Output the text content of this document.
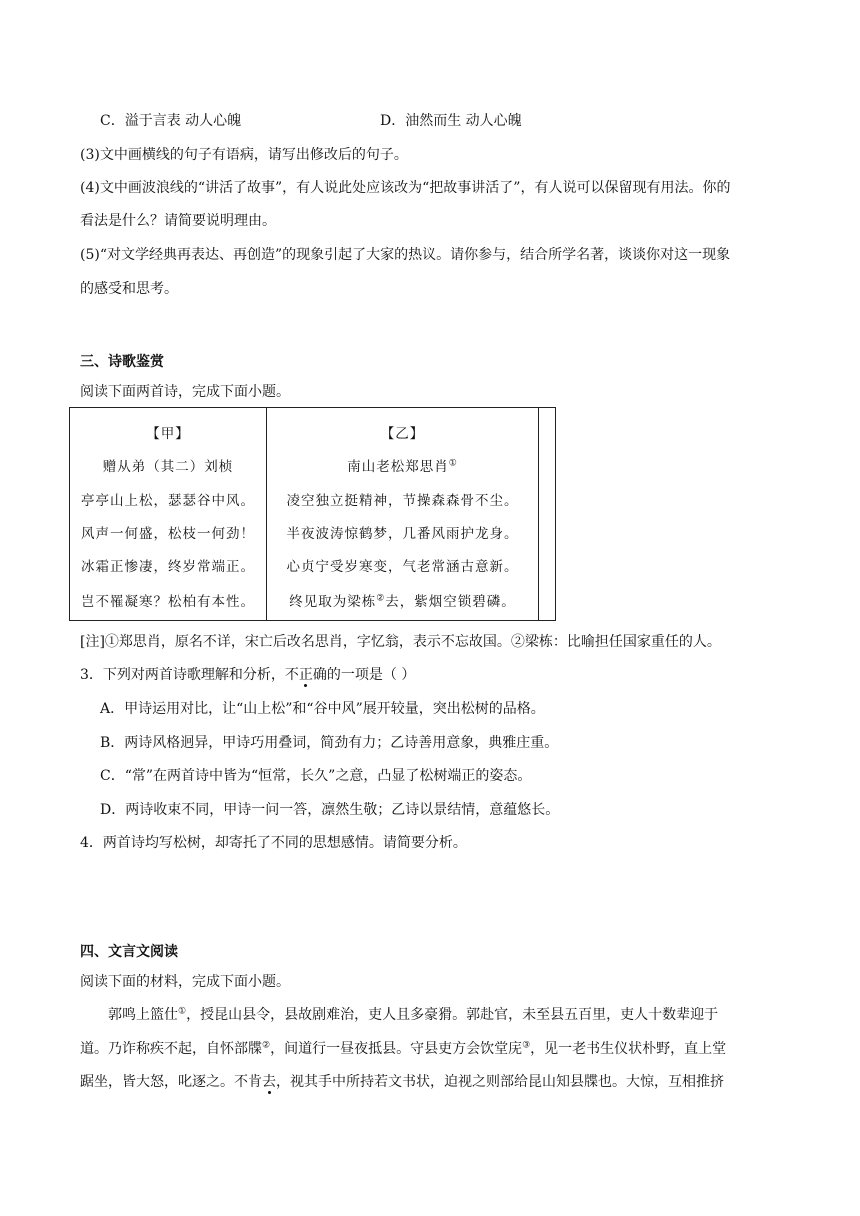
C．溢于言表 动人心魄	D．油然而生 动人心魄
(3)文中画横线的句子有语病，请写出修改后的句子。
(4)文中画波浪线的“讲活了故事”，有人说此处应该改为“把故事讲活了”，有人说可以保留现有用法。你的
看法是什么？请简要说明理由。
(5)“对文学经典再表达、再创造”的现象引起了大家的热议。请你参与，结合所学名著，谈谈你对这一现象
的感受和思考。
三、诗歌鉴赏
阅读下面两首诗，完成下面小题。
【甲】
赠从弟（其二）刘桢
亭亭山上松，瑟瑟谷中风。
风声一何盛，松枝一何劲！
冰霜正惨凄，终岁常端正。
岂不罹凝寒？松柏有本性。
【乙】
南山老松郑思肖①
凌空独立挺精神，节操森森骨不尘。
半夜波涛惊鹤梦，几番风雨护龙身。
心贞宁受岁寒变，气老常涵古意新。
终见取为梁栋②去，紫烟空锁碧磷。
[注]①郑思肖，原名不详，宋亡后改名思肖，字忆翁，表示不忘故国。②梁栋：比喻担任国家重任的人。
3．下列对两首诗歌理解和分析，不正确的一项是（ ）
A．甲诗运用对比，让“山上松”和“谷中风”展开较量，突出松树的品格。
B．两诗风格迥异，甲诗巧用叠词，简劲有力；乙诗善用意象，典雅庄重。
C．“常”在两首诗中皆为“恒常，长久”之意，凸显了松树端正的姿态。
D．两诗收束不同，甲诗一问一答，凛然生敬；乙诗以景结情，意蕴悠长。
4．两首诗均写松树，却寄托了不同的思想感情。请简要分析。
四、文言文阅读
阅读下面的材料，完成下面小题。
郭鸣上篮仕①，授昆山县令，县故剧难治，吏人且多豪猾。郭赴官，未至县五百里，吏人十数辈迎于
道。乃诈称疾不起，自怀部牒②，间道行一昼夜抵县。守县吏方会饮堂庑③，见一老书生仪状朴野，直上堂
踞坐，皆大怒，叱逐之。不肯去，视其手中所持若文书状，迫视之则部给昆山知县牒也。大惊，互相推挤
